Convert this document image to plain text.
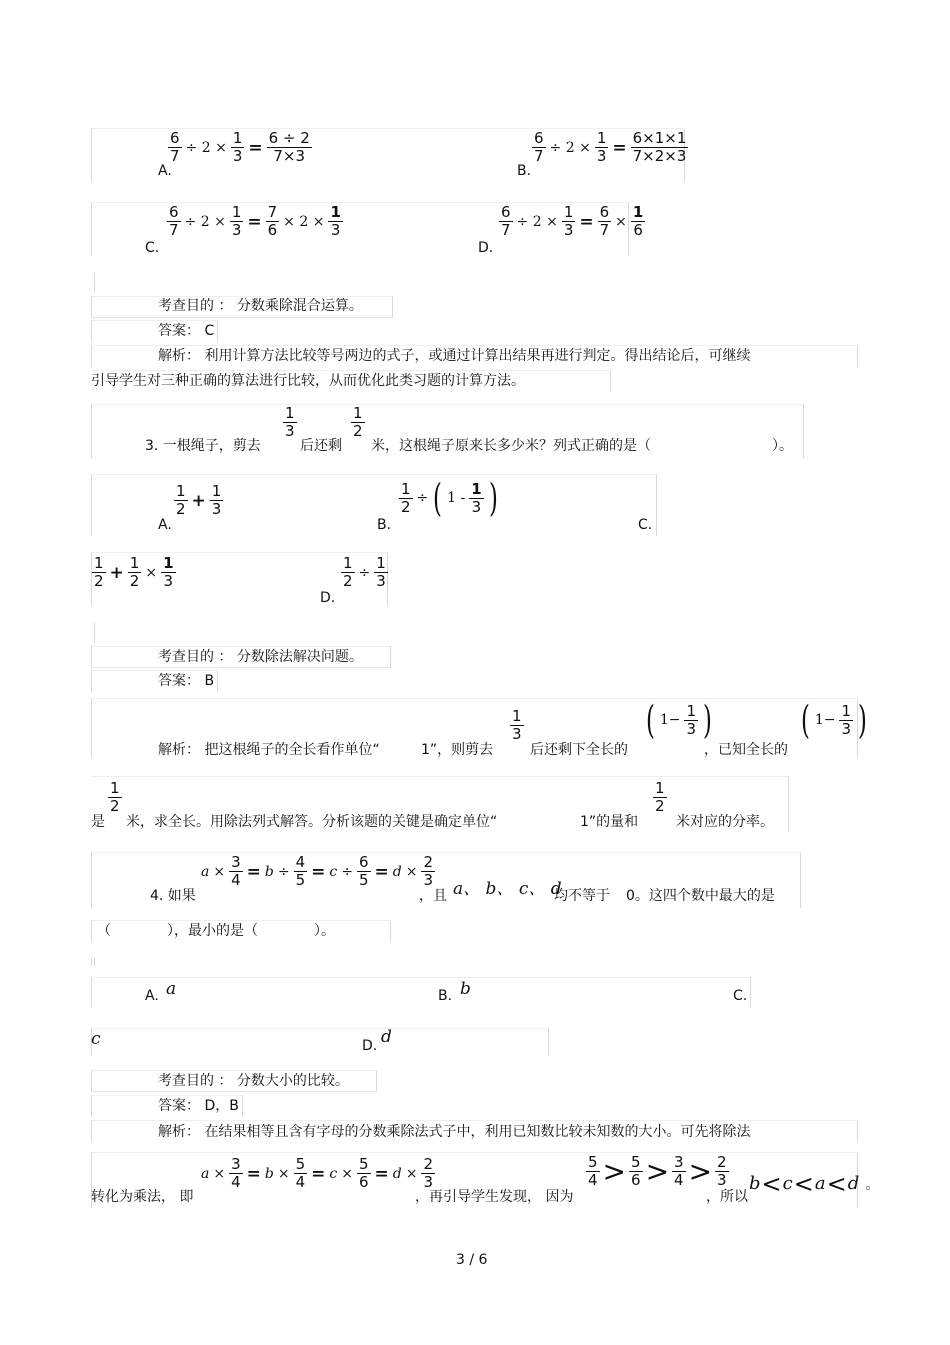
A.
$\frac{6}{7} \div 2 \times \frac{1}{3} = \frac{6 \div 2}{7\times 3}$
B.
$\frac{6}{7} \div 2 \times \frac{1}{3} = \frac{6\times 1\times 1}{7\times 2\times 3}$
C.
$\frac{6}{7} \div 2 \times \frac{1}{3} = \frac{7}{6} \times 2 \times \frac{1}{3}$
D.
$\frac{6}{7} \div 2 \times \frac{1}{3} = \frac{6}{7} \times \frac{1}{6}$
考查目的 ： 分数乘除混合运算。
答案： C
解析： 利用计算方法比较等号两边的式子，或通过计算出结果再进行判定。得出结论后，可继续
引导学生对三种正确的算法进行比较，从而优化此类习题的计算方法。
3. 一根绳子，剪去
$\frac{1}{3}$
后还剩
$\frac{1}{2}$
米，这根绳子原来长多少米？列式正确的是（	）。
A.
$\frac{1}{2} + \frac{1}{3}$
B.
$\frac{1}{2}$ ÷ ( $1 - \frac{1}{3}$ )
C.
$\frac{1}{2} + \frac{1}{2} \times \frac{1}{3}$
D.
$\frac{1}{2} \div \frac{1}{3}$
考查目的 ： 分数除法解决问题。
答案： B
解析： 把这根绳子的全长看作单位“	1”，则剪去
$\frac{1}{3}$
后还剩下全长的
( $1- \frac{1}{3}$ )
，已知全长的
( $1- \frac{1}{3}$ )
是
$\frac{1}{2}$
米，求全长。用除法列式解答。分析该题的关键是确定单位“	1”的量和
$\frac{1}{2}$
米对应的分率。
4. 如果
$a \times \frac{3}{4} = b \div \frac{4}{5} = c \div \frac{6}{5} = d \times \frac{2}{3}$
，且 a、 b、 c、 d
均不等于 0。这四个数中最大的是
（　　　　），最小的是（　　　　）。
A. a	B. b	C.
c	D. d
考查目的 ： 分数大小的比较。
答案： D，B
解析： 在结果相等且含有字母的分数乘除法式子中，利用已知数比较未知数的大小。可先将除法
转化为乘法， 即
$a \times \frac{3}{4} = b \times \frac{5}{4} = c \times \frac{5}{6} = d \times \frac{2}{3}$
，再引导学生发现， 因为
$\frac{5}{4} > \frac{5}{6} > \frac{3}{4} > \frac{2}{3}$
，所以
b<c<a<d 。
3 / 6
